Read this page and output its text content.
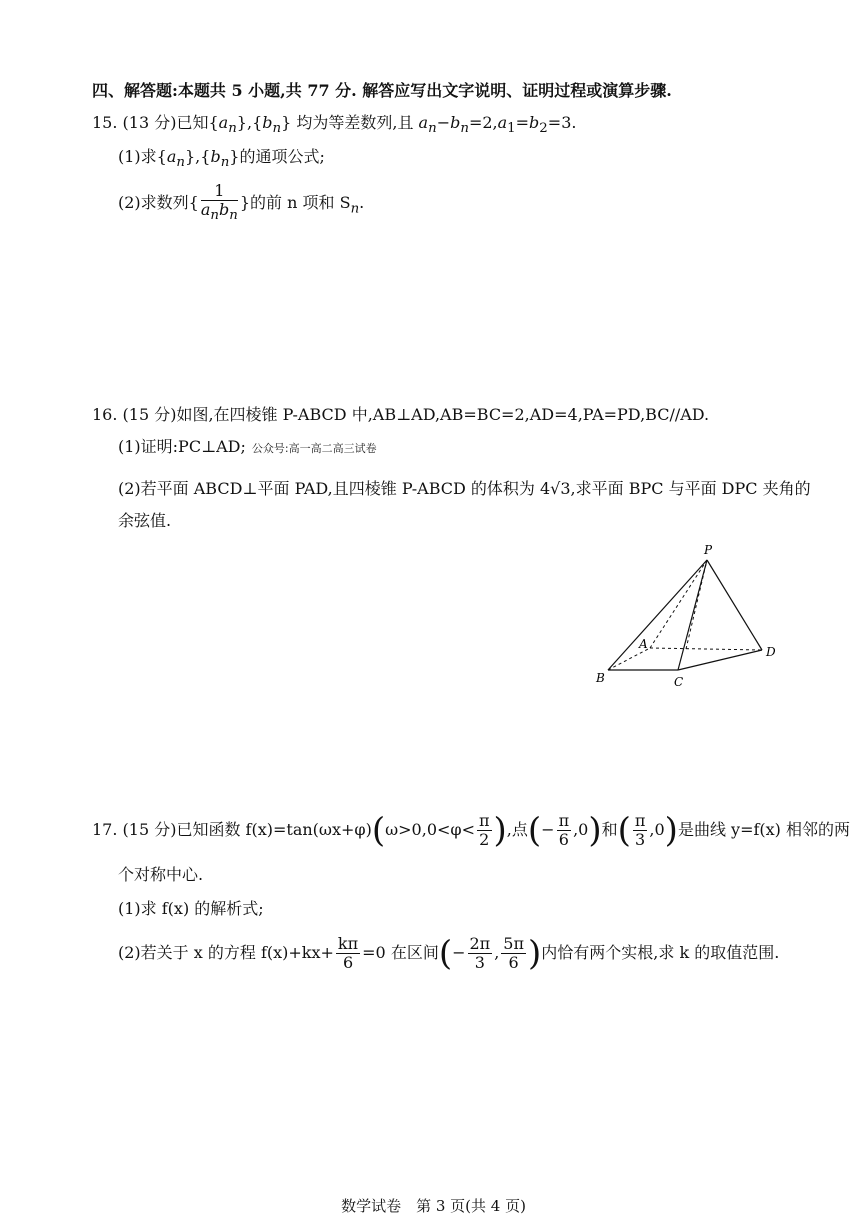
四、解答题:本题共 5 小题,共 77 分. 解答应写出文字说明、证明过程或演算步骤.
15. (13 分)已知$\{a_n\},\{b_n\}$ 均为等差数列,且 $a_n-b_n=2,a_1=b_2=3$.
(1)求$\{a_n\},\{b_n\}$的通项公式;
(2)求数列{ $\frac{1}{a_nb_n}$ }的前 n 项和 $S_n$.
16. (15 分)如图,在四棱锥 P-ABCD 中,AB⊥AD,AB=BC=2,AD=4,PA=PD,BC//AD.
(1)证明:PC⊥AD; 公众号:高一高二高三试卷
(2)若平面 ABCD⊥平面 PAD,且四棱锥 P-ABCD 的体积为 4√3,求平面 BPC 与平面 DPC 夹角的
余弦值.
P
A
B	C
D
17. (15 分)已知函数 $f(x)=\tan(\omega x+\varphi)(\omega>0,0<\varphi< \frac{\pi}{2}$ ),点(− $\frac{\pi}{6} ,0$)和( $\frac{\pi}{3} ,0$)是曲线 y=f(x) 相邻的两
个对称中心.
(1)求 f(x) 的解析式;
(2)若关于 x 的方程 $f(x)+kx+ \frac{k\pi}{6} =0$ 在区间(− $\frac{2\pi}{3}$ , $\frac{5\pi}{6}$ )内恰有两个实根,求 k 的取值范围.
数学试卷　第 3 页(共 4 页)
